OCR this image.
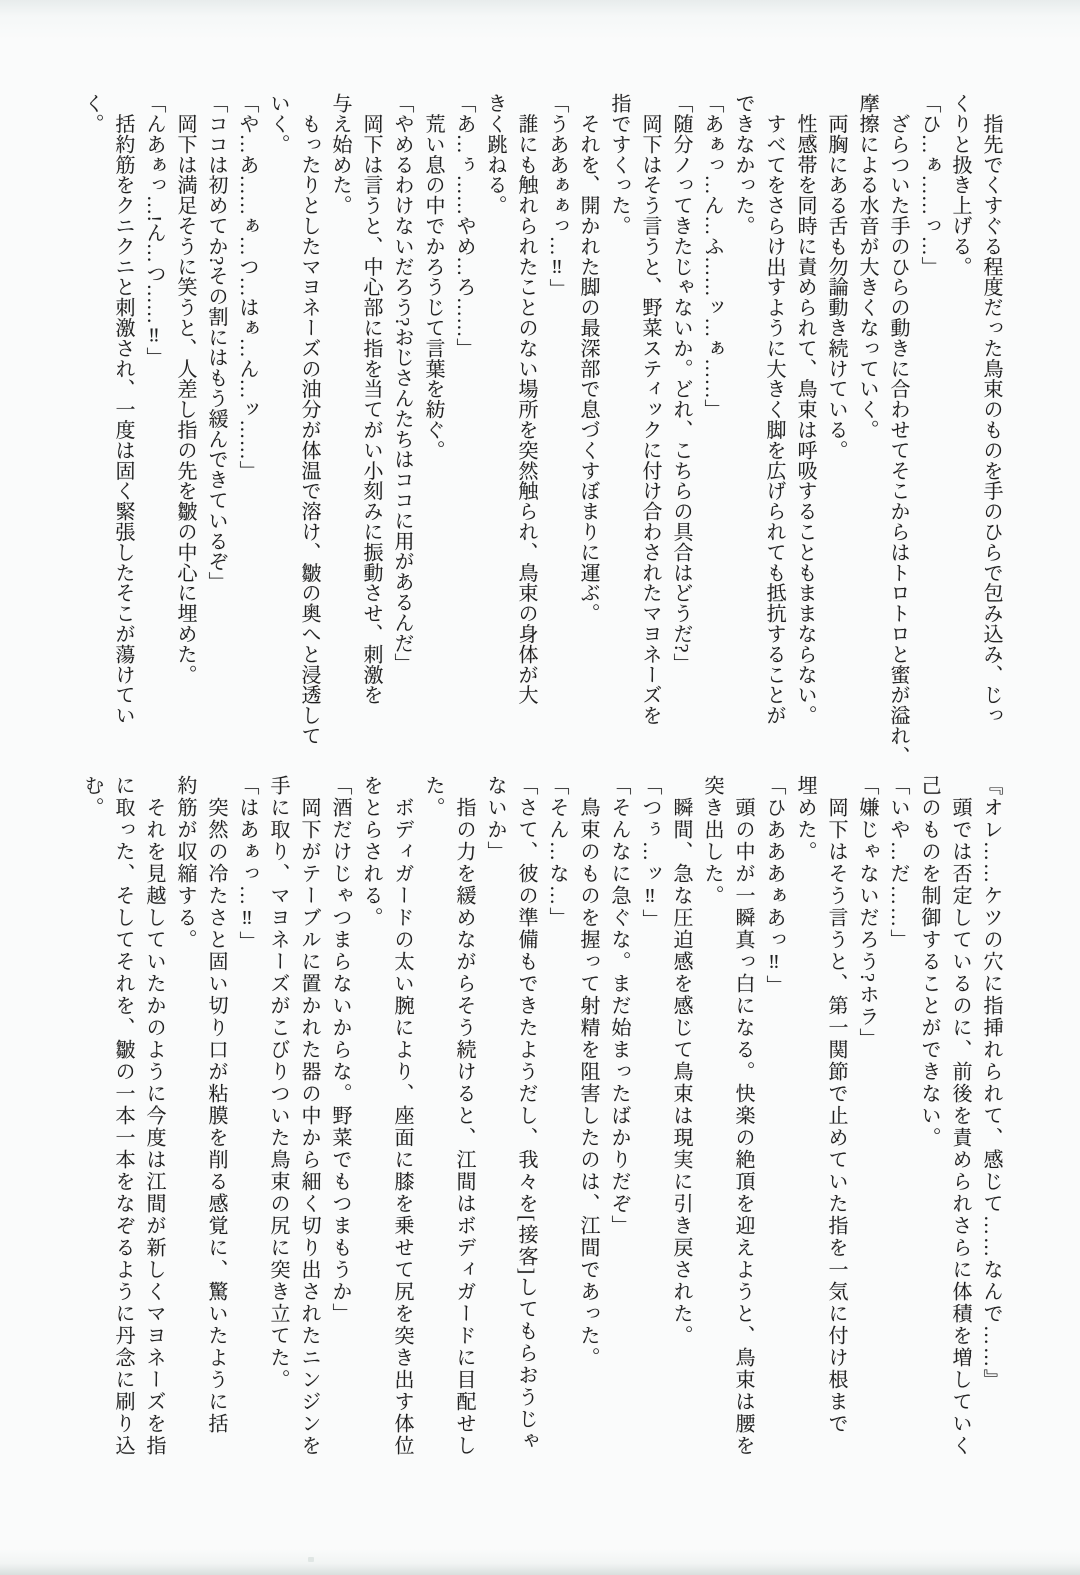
　指先でくすぐる程度だった鳥束のものを手のひらで包み込み、じっ
くりと扱き上げる。
「ひ…ぁ……っ…」
　ざらついた手のひらの動きに合わせてそこからはトロトロと蜜が溢れ、
摩擦による水音が大きくなっていく。
　両胸にある舌も勿論動き続けている。
　性感帯を同時に責められて、鳥束は呼吸することもままならない。
　すべてをさらけ出すように大きく脚を広げられても抵抗することが
できなかった。
「あぁっ…ん…ふ……ッ…ぁ……」
「随分ノってきたじゃないか。どれ、こちらの具合はどうだ?」
　岡下はそう言うと、野菜スティックに付け合わされたマヨネーズを
指ですくった。
　それを、開かれた脚の最深部で息づくすぼまりに運ぶ。
「うああぁぁっ…‼」
　誰にも触れられたことのない場所を突然触られ、鳥束の身体が大
きく跳ねる。
「あ…ぅ……やめ…ろ……」
　荒い息の中でかろうじて言葉を紡ぐ。
「やめるわけないだろう?おじさんたちはココに用があるんだ」
　岡下は言うと、中心部に指を当てがい小刻みに振動させ、刺激を
与え始めた。
　もったりとしたマヨネーズの油分が体温で溶け、皺の奥へと浸透して
いく。
「や…あ……ぁ…つ…はぁ…ん…ッ……」
「ココは初めてか?その割にはもう緩んできているぞ」
　岡下は満足そうに笑うと、人差し指の先を皺の中心に埋めた。
「んあぁっ…!ん…つ……‼」
　括約筋をクニクニと刺激され、一度は固く緊張したそこが蕩けてい
く。
『オレ……ケツの穴に指挿れられて、感じて……なんで……』
　頭では否定しているのに、前後を責められさらに体積を増していく
己のものを制御することができない。
「いや…だ……」
「嫌じゃないだろう?ホラ」
　岡下はそう言うと、第一関節で止めていた指を一気に付け根まで
埋めた。
「ひあああぁあっ‼」
　頭の中が一瞬真っ白になる。快楽の絶頂を迎えようと、鳥束は腰を
突き出した。
　瞬間、急な圧迫感を感じて鳥束は現実に引き戻された。
「つぅ…ッ‼」
「そんなに急ぐな。まだ始まったばかりだぞ」
　鳥束のものを握って射精を阻害したのは、江間であった。
「そん…な…」
「さて、彼の準備もできたようだし、我々を[接客]してもらおうじゃ
ないか」
　指の力を緩めながらそう続けると、江間はボディガードに目配せし
た。
　ボディガードの太い腕により、座面に膝を乗せて尻を突き出す体位
をとらされる。
「酒だけじゃつまらないからな。野菜でもつまもうか」
　岡下がテーブルに置かれた器の中から細く切り出されたニンジンを
手に取り、マヨネーズがこびりついた鳥束の尻に突き立てた。
「はあぁっ…‼」
　突然の冷たさと固い切り口が粘膜を削る感覚に、驚いたように括
約筋が収縮する。
　それを見越していたかのように今度は江間が新しくマヨネーズを指
に取った、そしてそれを、皺の一本一本をなぞるように丹念に刷り込
む。
